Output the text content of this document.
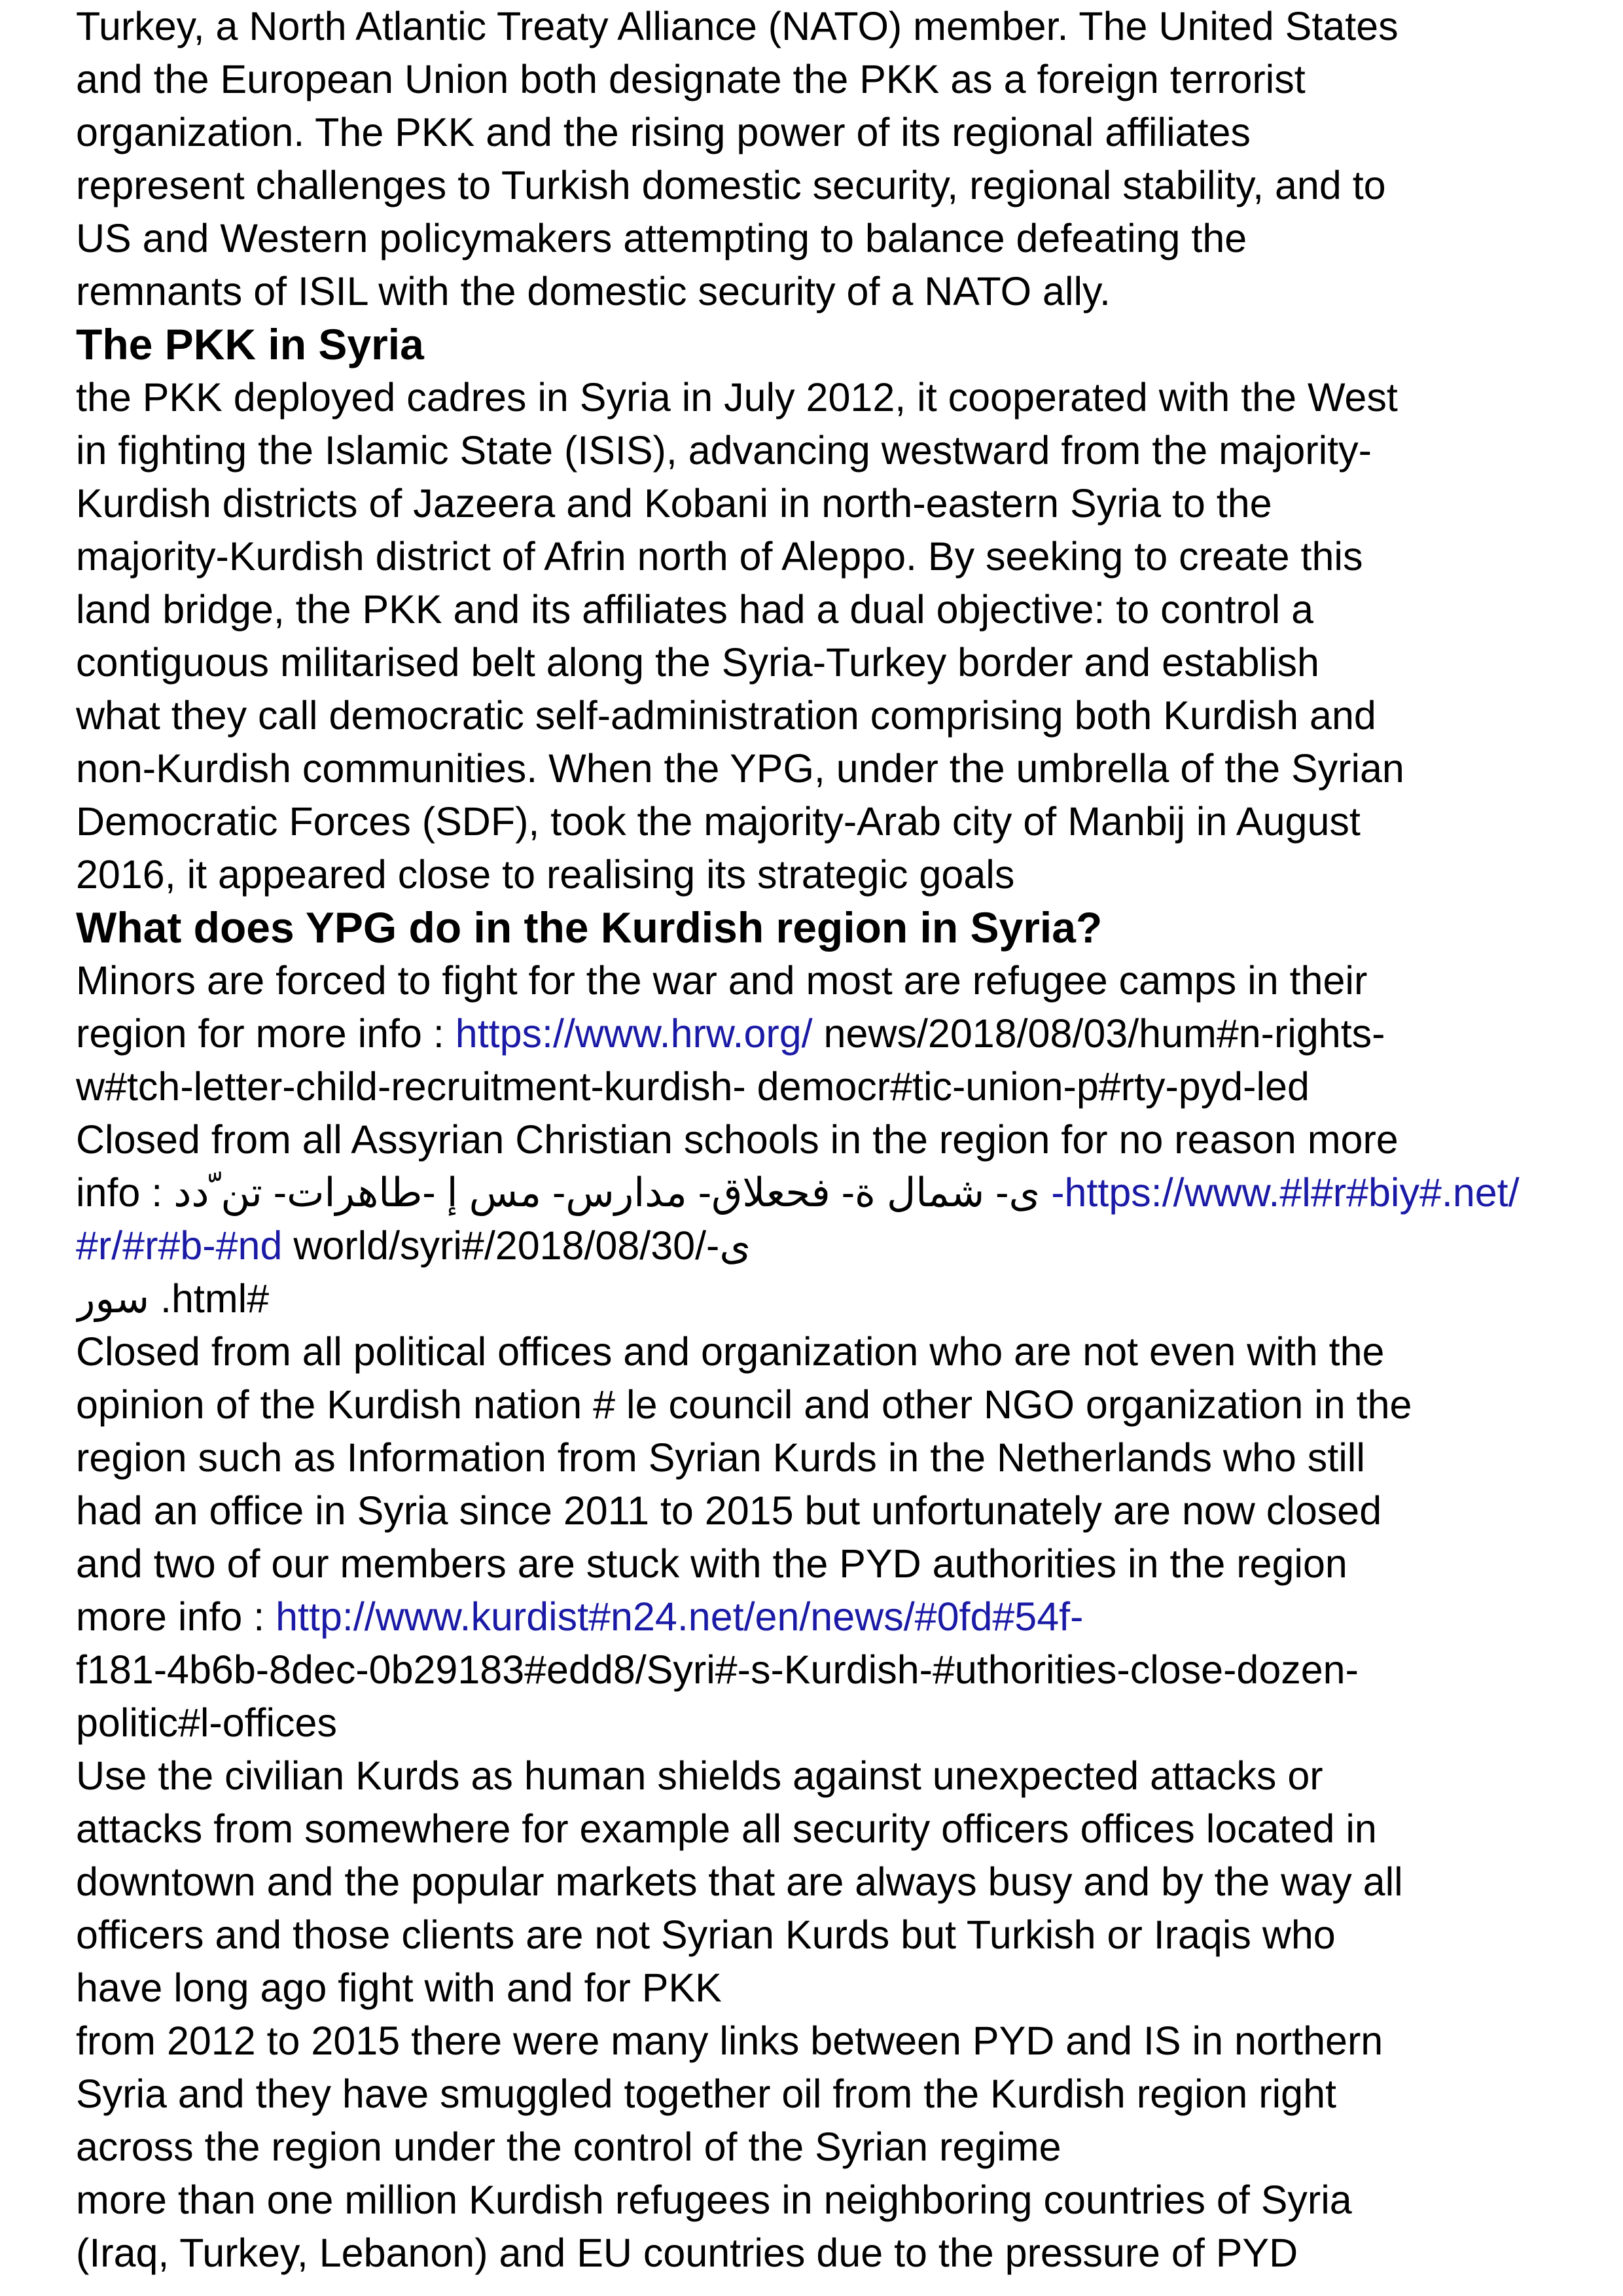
Turkey, a North Atlantic Treaty Alliance (NATO) member. The United States
and the European Union both designate the PKK as a foreign terrorist
organization. The PKK and the rising power of its regional affiliates
represent challenges to Turkish domestic security, regional stability, and to
US and Western policymakers attempting to balance defeating the
remnants of ISIL with the domestic security of a NATO ally.
The PKK in Syria
the PKK deployed cadres in Syria in July 2012, it cooperated with the West
in fighting the Islamic State (ISIS), advancing westward from the majority-
Kurdish districts of Jazeera and Kobani in north-eastern Syria to the
majority-Kurdish district of Afrin north of Aleppo. By seeking to create this
land bridge, the PKK and its affiliates had a dual objective: to control a
contiguous militarised belt along the Syria-Turkey border and establish
what they call democratic self-administration comprising both Kurdish and
non-Kurdish communities. When the YPG, under the umbrella of the Syrian
Democratic Forces (SDF), took the majority-Arab city of Manbij in August
2016, it appeared close to realising its strategic goals
What does YPG do in the Kurdish region in Syria?
Minors are forced to fight for the war and most are refugee camps in their
region for more info : https://www.hrw.org/ news/2018/08/03/hum#n-rights-
w#tch-letter-child-recruitment-kurdish- democr#tic-union-p#rty-pyd-led
Closed from all Assyrian Christian schools in the region for no reason more
info : ى- شمال ة- فحعلاق- مدارس- مس إ -طاهرات- تن ّدد -https://www.#l#r#biy#.net/
#r/#r#b-#nd world/syri#/2018/08/30/-ى
سور .html#
Closed from all political offices and organization who are not even with the
opinion of the Kurdish nation # le council and other NGO organization in the
region such as Information from Syrian Kurds in the Netherlands who still
had an office in Syria since 2011 to 2015 but unfortunately are now closed
and two of our members are stuck with the PYD authorities in the region
more info : http://www.kurdist#n24.net/en/news/#0fd#54f-
f181-4b6b-8dec-0b29183#edd8/Syri#-s-Kurdish-#uthorities-close-dozen-
politic#l-offices
Use the civilian Kurds as human shields against unexpected attacks or
attacks from somewhere for example all security officers offices located in
downtown and the popular markets that are always busy and by the way all
officers and those clients are not Syrian Kurds but Turkish or Iraqis who
have long ago fight with and for PKK
from 2012 to 2015 there were many links between PYD and IS in northern
Syria and they have smuggled together oil from the Kurdish region right
across the region under the control of the Syrian regime
more than one million Kurdish refugees in neighboring countries of Syria
(Iraq, Turkey, Lebanon) and EU countries due to the pressure of PYD
